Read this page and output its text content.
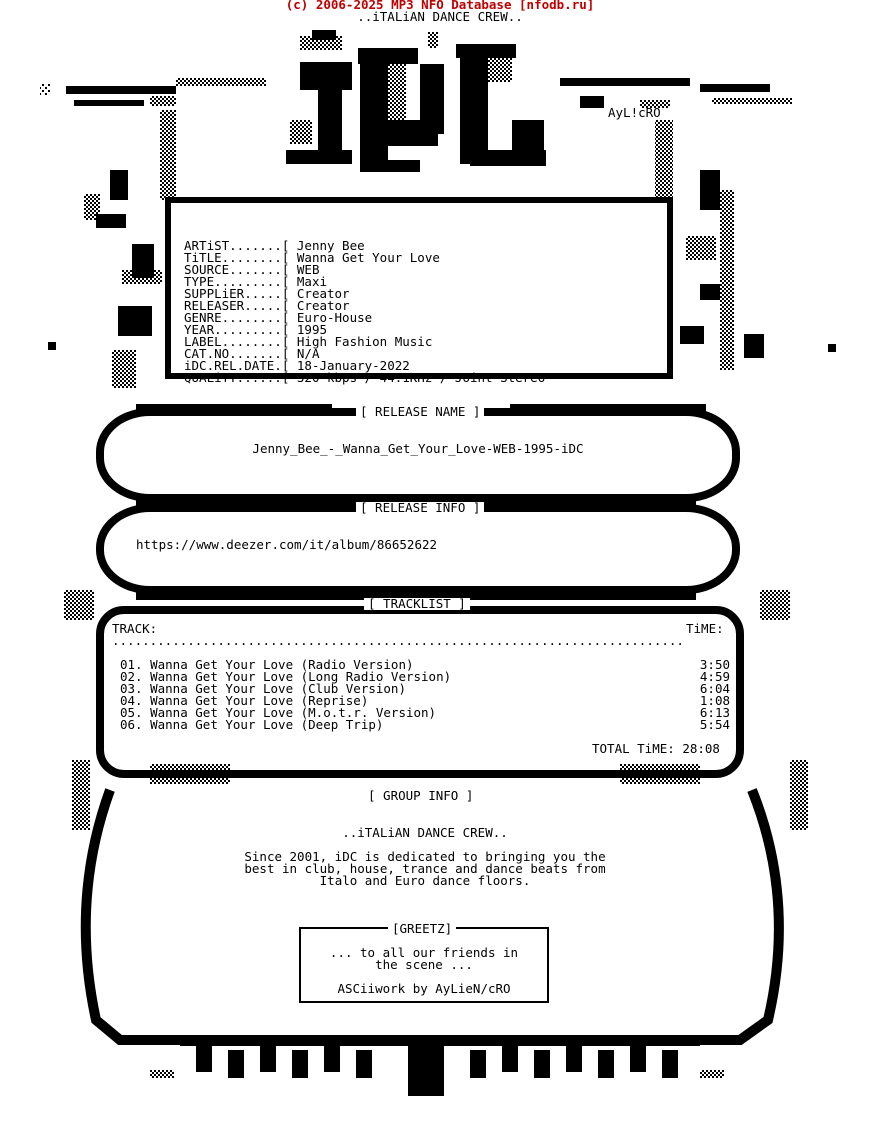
(c) 2006-2025 MP3 NFO Database [nfodb.ru]
..iTALiAN DANCE CREW..
AyL!cRO

ARTiST.......[ Jenny Bee
TiTLE........[ Wanna Get Your Love
SOURCE.......[ WEB
TYPE.........[ Maxi
SUPPLiER.....[ Creator
RELEASER.....[ Creator
GENRE........[ Euro-House
YEAR.........[ 1995
LABEL........[ High Fashion Music
CAT.NO.......[ N/A
iDC.REL.DATE.[ 18-January-2022
QUALiTY......[ 320 kbps / 44.1KHz / Joint Stereo

[ RELEASE NAME ]
Jenny_Bee_-_Wanna_Get_Your_Love-WEB-1995-iDC
[ RELEASE INFO ]
https://www.deezer.com/it/album/86652622
[ TRACKLIST ]
TRACK:	TiME:
............................................................................
01. Wanna Get Your Love (Radio Version)	3:50
02. Wanna Get Your Love (Long Radio Version)	4:59
03. Wanna Get Your Love (Club Version)	6:04
04. Wanna Get Your Love (Reprise)	1:08
05. Wanna Get Your Love (M.o.t.r. Version)	6:13
06. Wanna Get Your Love (Deep Trip)	5:54
TOTAL TiME: 28:08
[ GROUP INFO ]
..iTALiAN DANCE CREW..
Since 2001, iDC is dedicated to bringing you the
best in club, house, trance and dance beats from
Italo and Euro dance floors.
[GREETZ]
... to all our friends in
the scene ...
ASCiiwork by AyLieN/cRO
